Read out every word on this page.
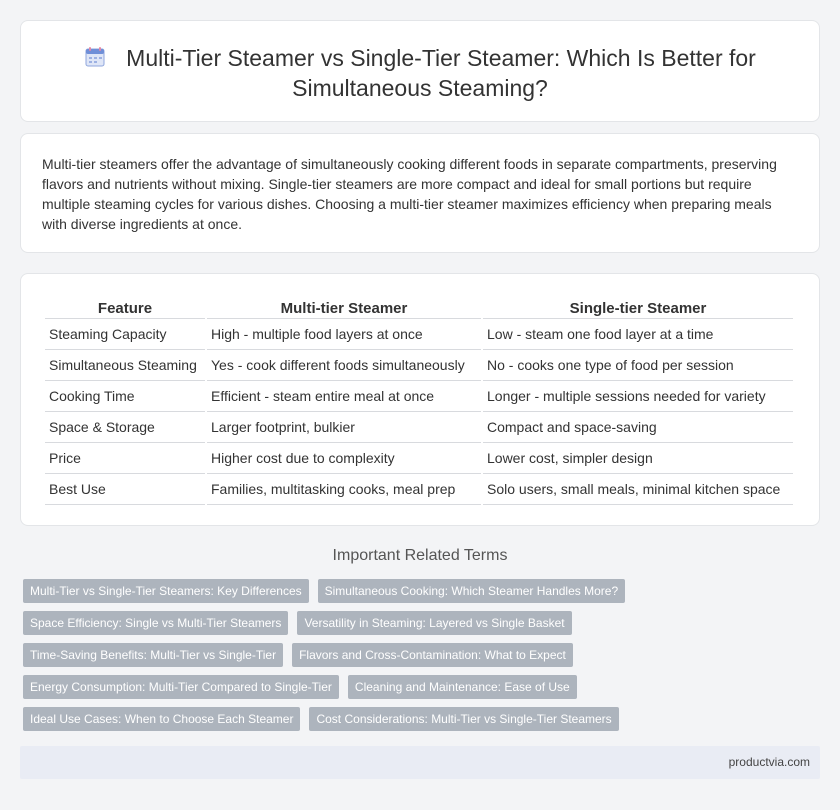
Multi-Tier Steamer vs Single-Tier Steamer: Which Is Better for Simultaneous Steaming?

Multi-tier steamers offer the advantage of simultaneously cooking different foods in separate compartments, preserving flavors and nutrients without mixing. Single-tier steamers are more compact and ideal for small portions but require multiple steaming cycles for various dishes. Choosing a multi-tier steamer maximizes efficiency when preparing meals with diverse ingredients at once.

Feature	Multi-tier Steamer	Single-tier Steamer
Steaming Capacity	High - multiple food layers at once	Low - steam one food layer at a time
Simultaneous Steaming	Yes - cook different foods simultaneously	No - cooks one type of food per session
Cooking Time	Efficient - steam entire meal at once	Longer - multiple sessions needed for variety
Space & Storage	Larger footprint, bulkier	Compact and space-saving
Price	Higher cost due to complexity	Lower cost, simpler design
Best Use	Families, multitasking cooks, meal prep	Solo users, small meals, minimal kitchen space
Important Related Terms
Multi-Tier vs Single-Tier Steamers: Key Differences	Simultaneous Cooking: Which Steamer Handles More?
Space Efficiency: Single vs Multi-Tier Steamers	Versatility in Steaming: Layered vs Single Basket
Time-Saving Benefits: Multi-Tier vs Single-Tier	Flavors and Cross-Contamination: What to Expect
Energy Consumption: Multi-Tier Compared to Single-Tier	Cleaning and Maintenance: Ease of Use
Ideal Use Cases: When to Choose Each Steamer	Cost Considerations: Multi-Tier vs Single-Tier Steamers
productvia.com
